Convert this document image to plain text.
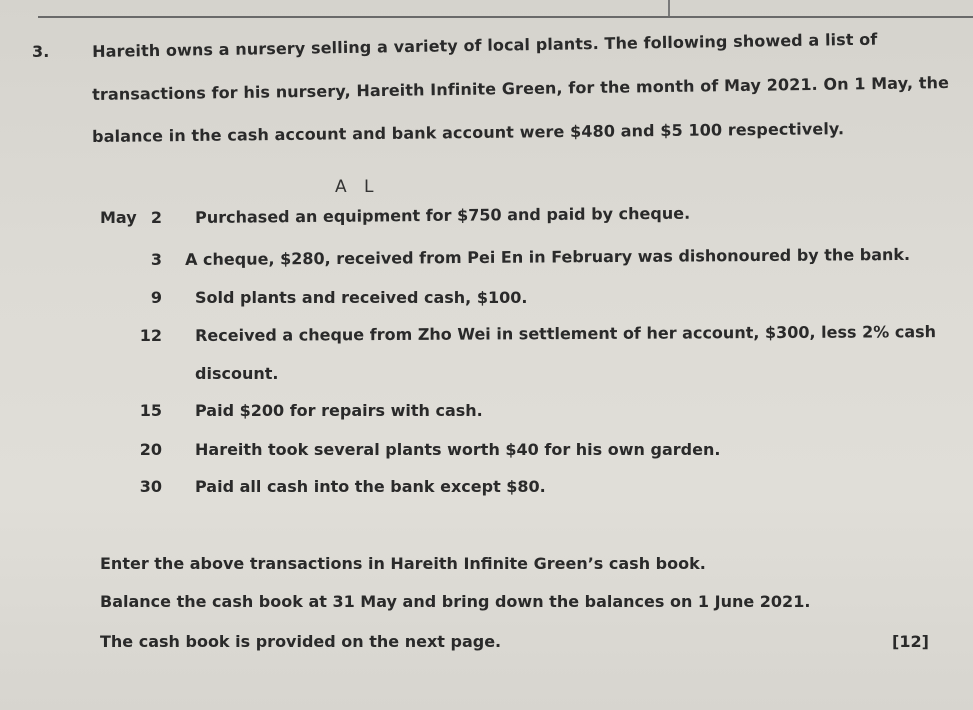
3.	Hareith owns a nursery selling a variety of local plants. The following showed a list of
transactions for his nursery, Hareith Infinite Green, for the month of May 2021. On 1 May, the
balance in the cash account and bank account were $480 and $5 100 respectively.
A L
May 2 Purchased an equipment for $750 and paid by cheque.
3 A cheque, $280, received from Pei En in February was dishonoured by the bank.
9 Sold plants and received cash, $100.
12 Received a cheque from Zho Wei in settlement of her account, $300, less 2% cash
discount.
15 Paid $200 for repairs with cash.
20 Hareith took several plants worth $40 for his own garden.
30 Paid all cash into the bank except $80.
Enter the above transactions in Hareith Infinite Green’s cash book.
Balance the cash book at 31 May and bring down the balances on 1 June 2021.
The cash book is provided on the next page.	[12]
